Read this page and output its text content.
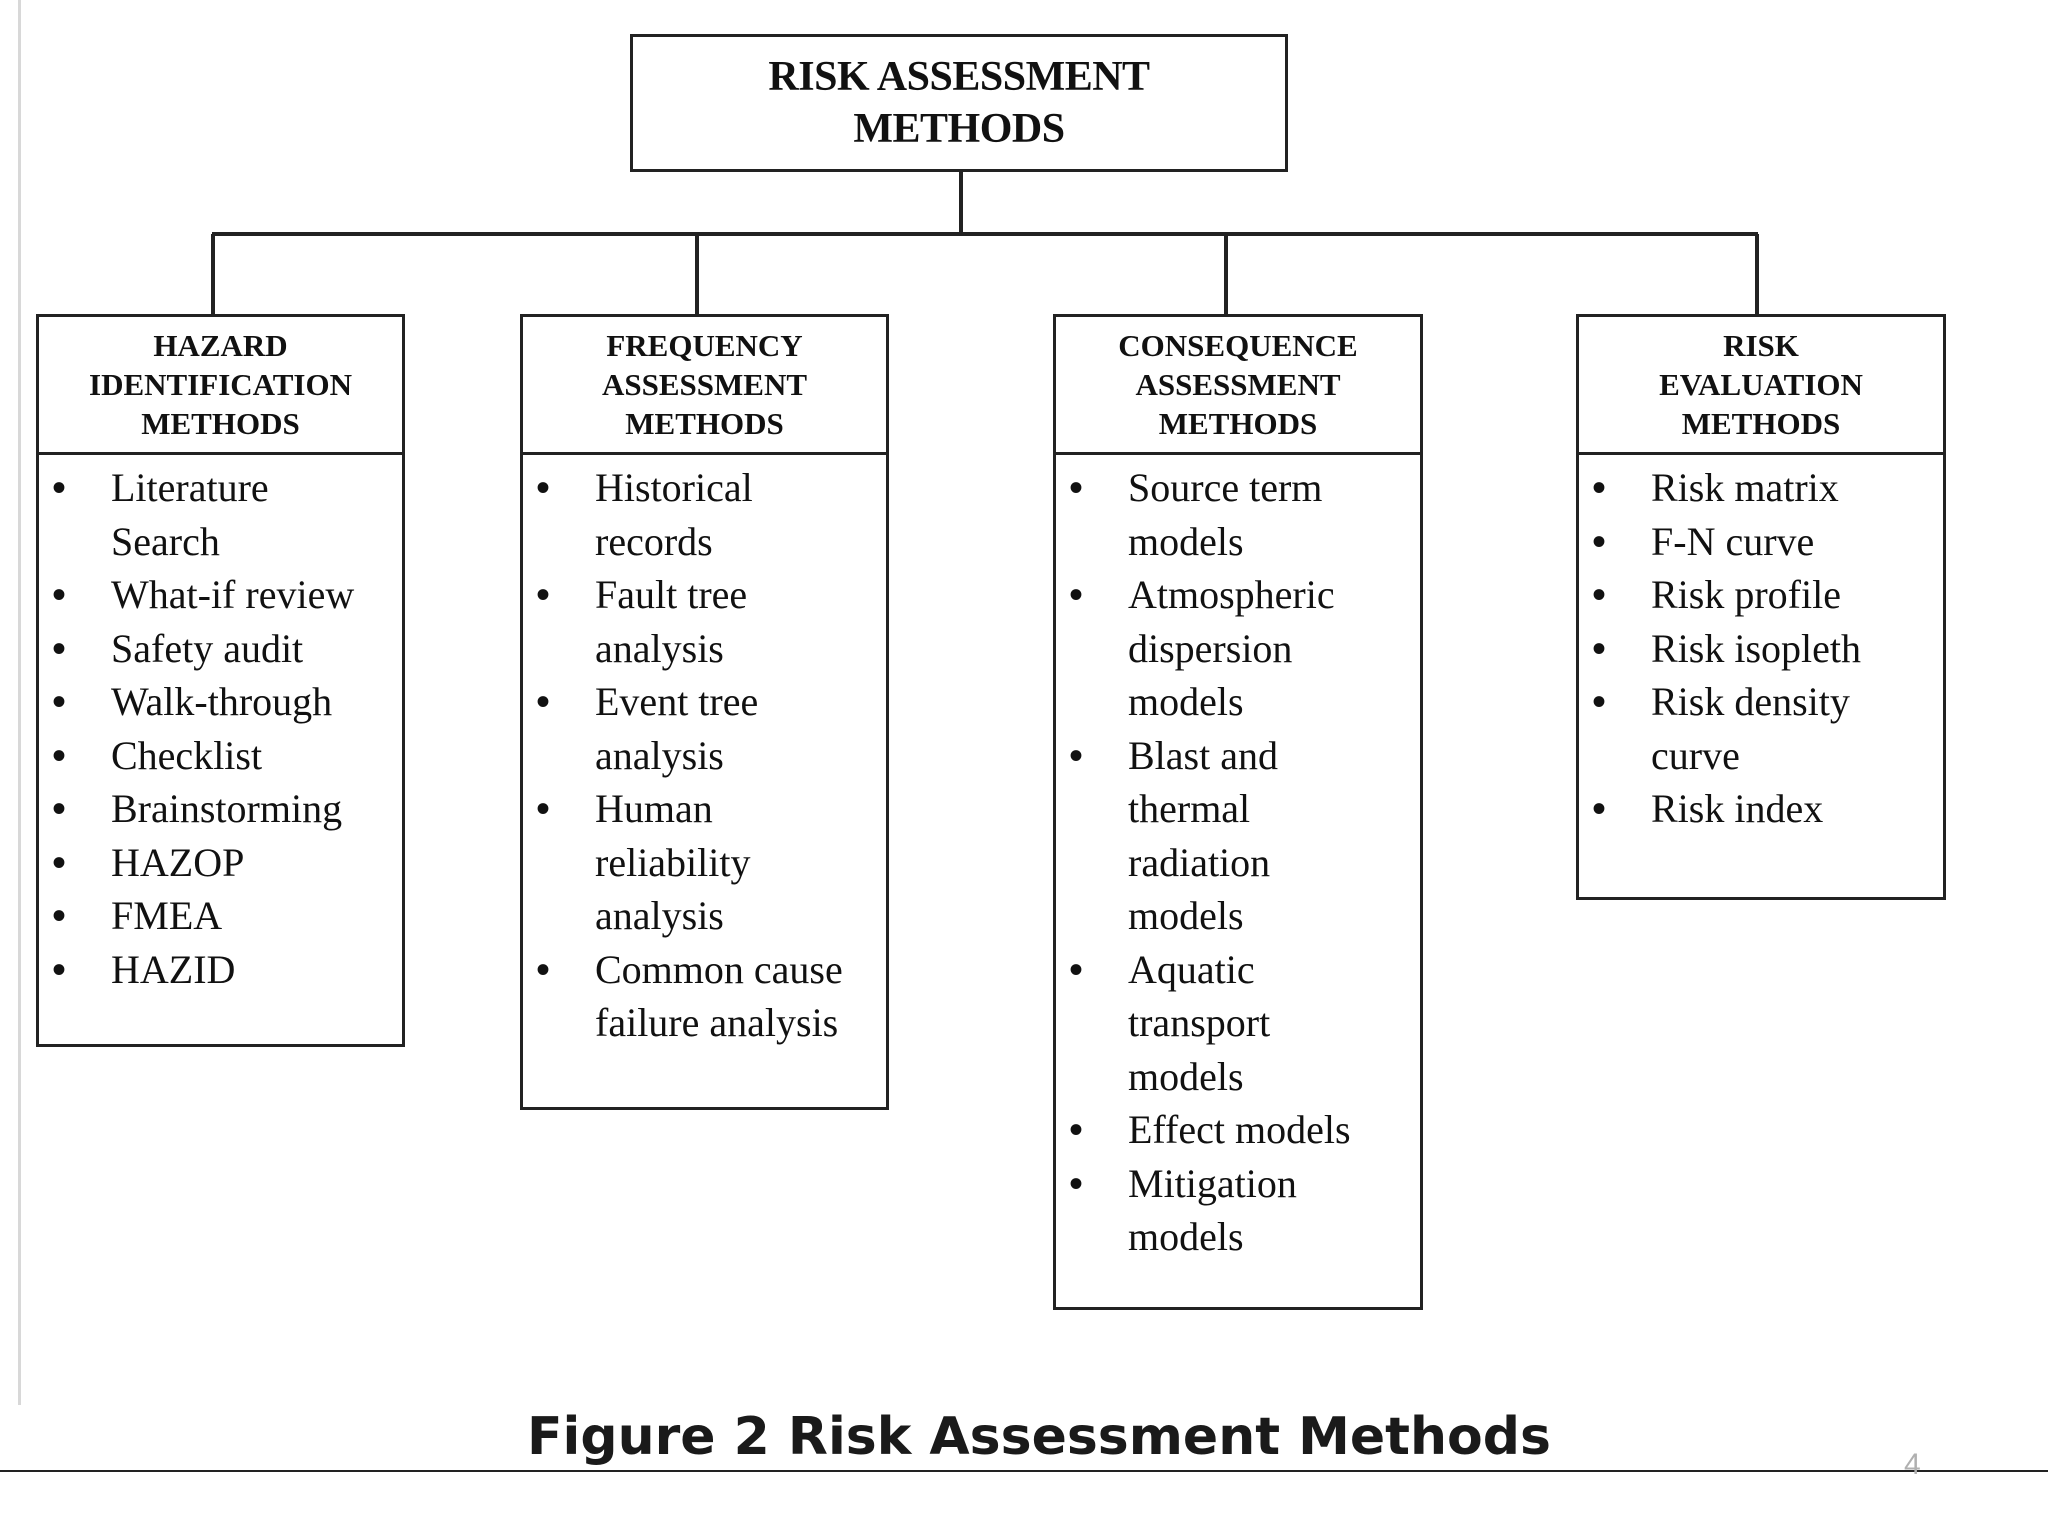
RISK ASSESSMENT
METHODS
HAZARD
IDENTIFICATION
METHODS
• Literature
Search
• What-if review
• Safety audit
• Walk-through
• Checklist
• Brainstorming
• HAZOP
• FMEA
• HAZID
FREQUENCY
ASSESSMENT
METHODS
• Historical
records
• Fault tree
analysis
• Event tree
analysis
• Human
reliability
analysis
• Common cause
failure analysis
CONSEQUENCE
ASSESSMENT
METHODS
• Source term
models
• Atmospheric
dispersion
models
• Blast and
thermal
radiation
models
• Aquatic
transport
models
• Effect models
• Mitigation
models
RISK
EVALUATION
METHODS
• Risk matrix
• F-N curve
• Risk profile
• Risk isopleth
• Risk density
curve
• Risk index
Figure 2 Risk Assessment Methods	4
